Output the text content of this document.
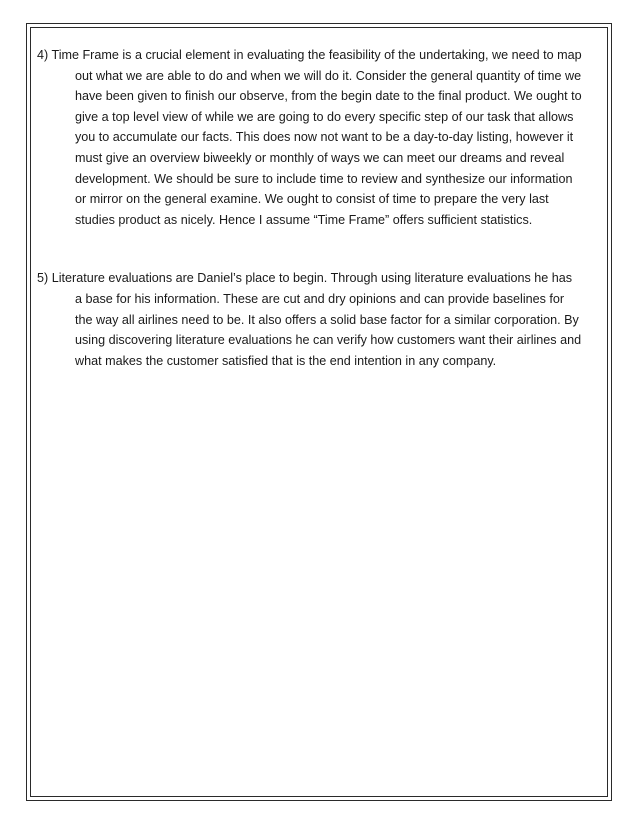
4) Time Frame is a crucial element in evaluating the feasibility of the undertaking, we need to map out what we are able to do and when we will do it. Consider the general quantity of time we have been given to finish our observe, from the begin date to the final product. We ought to give a top level view of while we are going to do every specific step of our task that allows you to accumulate our facts. This does now not want to be a day-to-day listing, however it must give an overview biweekly or monthly of ways we can meet our dreams and reveal development. We should be sure to include time to review and synthesize our information or mirror on the general examine. We ought to consist of time to prepare the very last studies product as nicely. Hence I assume “Time Frame” offers sufficient statistics.

5) Literature evaluations are Daniel’s place to begin. Through using literature evaluations he has a base for his information. These are cut and dry opinions and can provide baselines for the way all airlines need to be. It also offers a solid base factor for a similar corporation. By using discovering literature evaluations he can verify how customers want their airlines and what makes the customer satisfied that is the end intention in any company.
